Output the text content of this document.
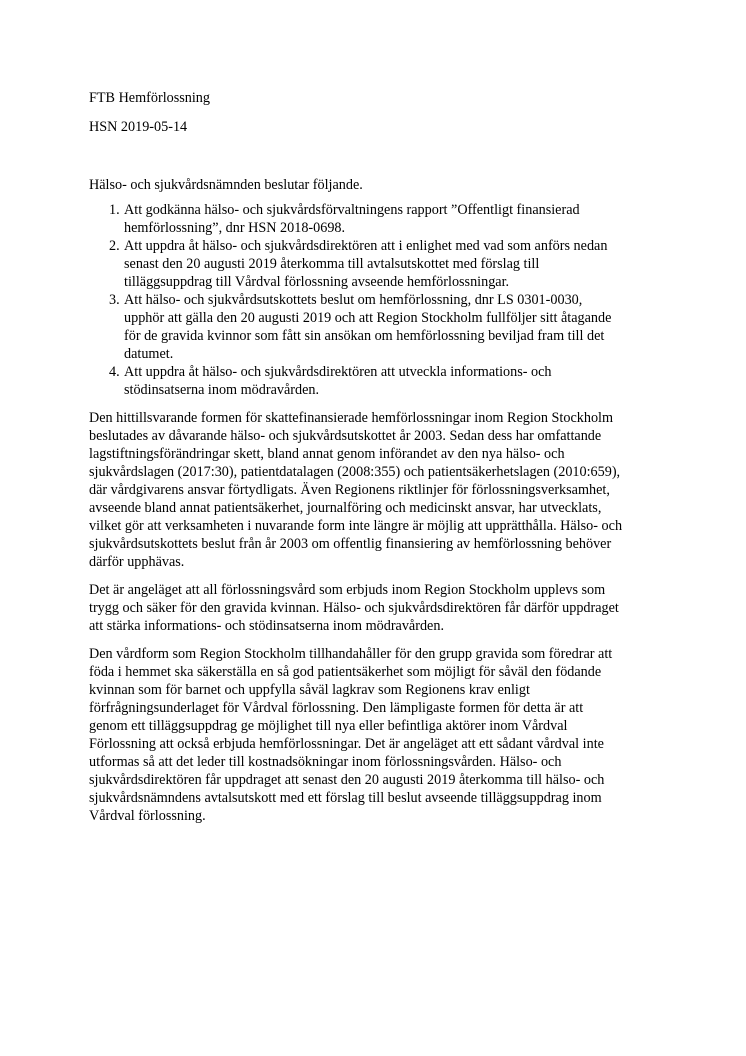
FTB Hemförlossning

HSN 2019-05-14

Hälso- och sjukvårdsnämnden beslutar följande.

1. Att godkänna hälso- och sjukvårdsförvaltningens rapport ”Offentligt finansierad
hemförlossning”, dnr HSN 2018-0698.
2. Att uppdra åt hälso- och sjukvårdsdirektören att i enlighet med vad som anförs nedan
senast den 20 augusti 2019 återkomma till avtalsutskottet med förslag till
tilläggsuppdrag till Vårdval förlossning avseende hemförlossningar.
3. Att hälso- och sjukvårdsutskottets beslut om hemförlossning, dnr LS 0301-0030,
upphör att gälla den 20 augusti 2019 och att Region Stockholm fullföljer sitt åtagande
för de gravida kvinnor som fått sin ansökan om hemförlossning beviljad fram till det
datumet.
4. Att uppdra åt hälso- och sjukvårdsdirektören att utveckla informations- och
stödinsatserna inom mödravården.
Den hittillsvarande formen för skattefinansierade hemförlossningar inom Region Stockholm
beslutades av dåvarande hälso- och sjukvårdsutskottet år 2003. Sedan dess har omfattande
lagstiftningsförändringar skett, bland annat genom införandet av den nya hälso- och
sjukvårdslagen (2017:30), patientdatalagen (2008:355) och patientsäkerhetslagen (2010:659),
där vårdgivarens ansvar förtydligats. Även Regionens riktlinjer för förlossningsverksamhet,
avseende bland annat patientsäkerhet, journalföring och medicinskt ansvar, har utvecklats,
vilket gör att verksamheten i nuvarande form inte längre är möjlig att upprätthålla. Hälso- och
sjukvårdsutskottets beslut från år 2003 om offentlig finansiering av hemförlossning behöver
därför upphävas.
Det är angeläget att all förlossningsvård som erbjuds inom Region Stockholm upplevs som
trygg och säker för den gravida kvinnan. Hälso- och sjukvårdsdirektören får därför uppdraget
att stärka informations- och stödinsatserna inom mödravården.
Den vårdform som Region Stockholm tillhandahåller för den grupp gravida som föredrar att
föda i hemmet ska säkerställa en så god patientsäkerhet som möjligt för såväl den födande
kvinnan som för barnet och uppfylla såväl lagkrav som Regionens krav enligt
förfrågningsunderlaget för Vårdval förlossning. Den lämpligaste formen för detta är att
genom ett tilläggsuppdrag ge möjlighet till nya eller befintliga aktörer inom Vårdval
Förlossning att också erbjuda hemförlossningar. Det är angeläget att ett sådant vårdval inte
utformas så att det leder till kostnadsökningar inom förlossningsvården. Hälso- och
sjukvårdsdirektören får uppdraget att senast den 20 augusti 2019 återkomma till hälso- och
sjukvårdsnämndens avtalsutskott med ett förslag till beslut avseende tilläggsuppdrag inom
Vårdval förlossning.
